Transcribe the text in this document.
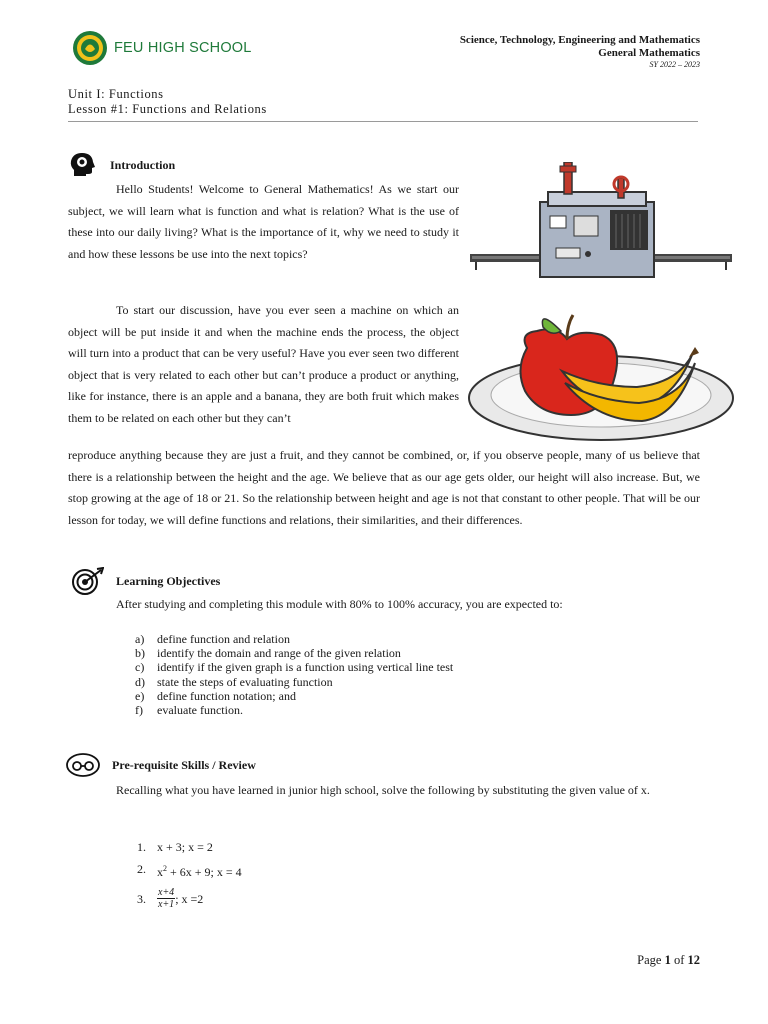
FEU HIGH SCHOOL	Science, Technology, Engineering and Mathematics
General Mathematics
SY 2022 – 2023
Unit I: Functions
Lesson #1: Functions and Relations
Introduction
Hello Students! Welcome to General Mathematics! As we start our subject, we will learn what is function and what is relation? What is the use of these into our daily living? What is the importance of it, why we need to study it and how these lessons be use into the next topics?
To start our discussion, have you ever seen a machine on which an object will be put inside it and when the machine ends the process, the object will turn into a product that can be very useful? Have you ever seen two different object that is very related to each other but can’t produce a product or anything, like for instance, there is an apple and a banana, they are both fruit which makes them to be related on each other but they can’t
reproduce anything because they are just a fruit, and they cannot be combined, or, if you observe people, many of us believe that there is a relationship between the height and the age. We believe that as our age gets older, our height will also increase. But, we stop growing at the age of 18 or 21. So the relationship between height and age is not that constant to other people. That will be our lesson for today, we will define functions and relations, their similarities, and their differences.
Learning Objectives
After studying and completing this module with 80% to 100% accuracy, you are expected to:
a)	define function and relation
b)	identify the domain and range of the given relation
c)	identify if the given graph is a function using vertical line test
d)	state the steps of evaluating function
e)	define function notation; and
f)	evaluate function.
Pre-requisite Skills / Review
Recalling what you have learned in junior high school, solve the following by substituting the given value of x.
1. x + 3; x = 2
2. $x^2 + 6x + 9$; x = 4
3.	$\frac{x+4}{x+1}$ ; x =2
Page 1 of 12
